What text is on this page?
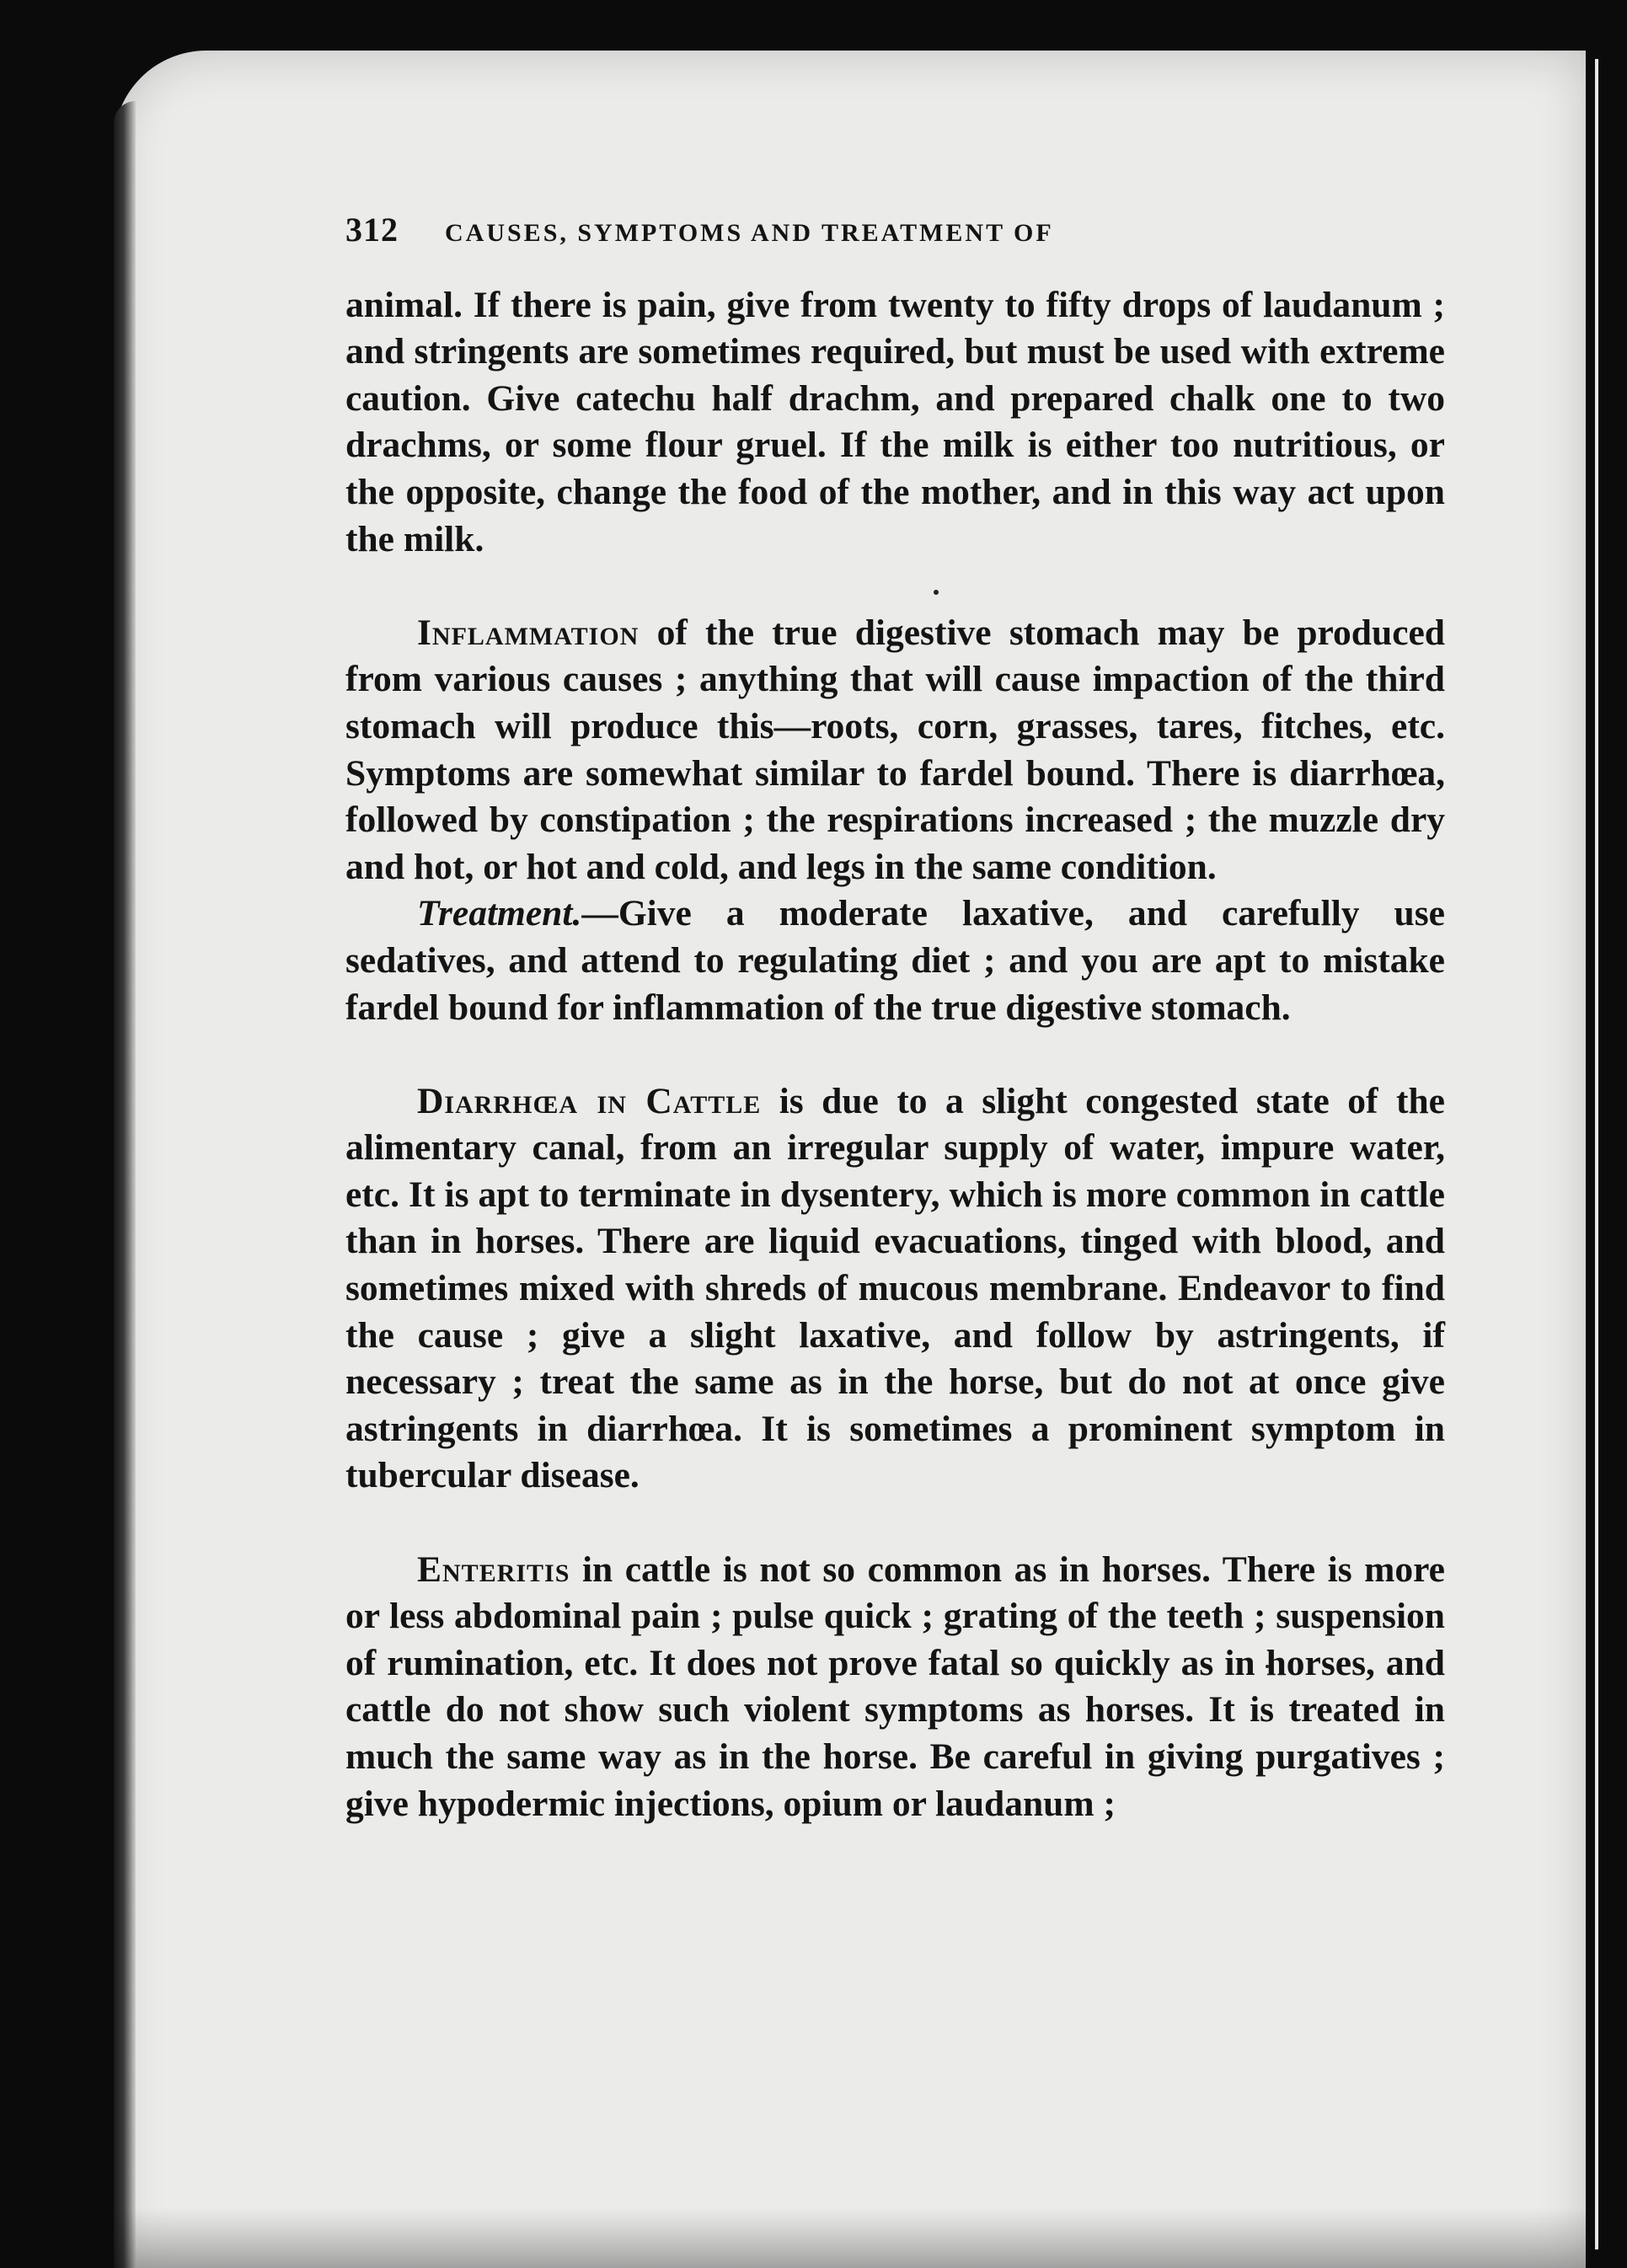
312 CAUSES, SYMPTOMS AND TREATMENT OF

animal. If there is pain, give from twenty to fifty drops of laudanum ; and stringents are sometimes required, but must be used with extreme caution. Give catechu half drachm, and prepared chalk one to two drachms, or some flour gruel. If the milk is either too nutritious, or the opposite, change the food of the mother, and in this way act upon the milk.

Inflammation of the true digestive stomach may be produced from various causes ; anything that will cause impaction of the third stomach will produce this—roots, corn, grasses, tares, fitches, etc. Symptoms are somewhat similar to fardel bound. There is diarrhœa, followed by constipation ; the respirations increased ; the muzzle dry and hot, or hot and cold, and legs in the same condition.

Treatment.—Give a moderate laxative, and carefully use sedatives, and attend to regulating diet ; and you are apt to mistake fardel bound for inflammation of the true digestive stomach.

Diarrhœa in Cattle is due to a slight congested state of the alimentary canal, from an irregular supply of water, impure water, etc. It is apt to terminate in dysentery, which is more common in cattle than in horses. There are liquid evacuations, tinged with blood, and sometimes mixed with shreds of mucous membrane. Endeavor to find the cause ; give a slight laxative, and follow by astringents, if necessary ; treat the same as in the horse, but do not at once give astringents in diarrhœa. It is sometimes a prominent symptom in tubercular disease.

Enteritis in cattle is not so common as in horses. There is more or less abdominal pain ; pulse quick ; grating of the teeth ; suspension of rumination, etc. It does not prove fatal so quickly as in horses, and cattle do not show such violent symptoms as horses. It is treated in much the same way as in the horse. Be careful in giving purgatives ; give hypodermic injections, opium or laudanum ;
